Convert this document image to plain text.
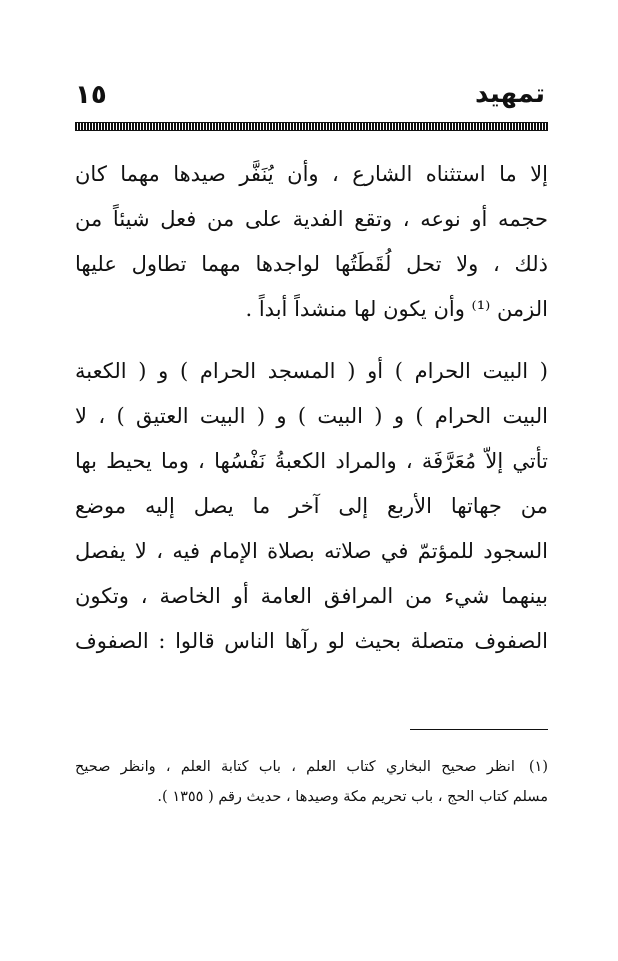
١٥	تمهيد

إلا ما استثناه الشارع ، وأن يُنَفَّر صيدها مهما كان
حجمه أو نوعه ، وتقع الفدية على من فعل شيئاً من
ذلك ، ولا تحل لُقَطَتُها لواجدها مهما تطاول عليها
الزمن ⁽¹⁾ وأن يكون لها منشداً أبداً .

( البيت الحرام ) أو ( المسجد الحرام ) و ( الكعبة
البيت الحرام ) و ( البيت ) و ( البيت العتيق ) ، لا
تأتي إلاّ مُعَرَّفَة ، والمراد الكعبةُ نَفْسُها ، وما يحيط بها
من جهاتها الأربع إلى آخر ما يصل إليه موضع
السجود للمؤتمّ في صلاته بصلاة الإمام فيه ، لا يفصل
بينهما شيء من المرافق العامة أو الخاصة ، وتكون
الصفوف متصلة بحيث لو رآها الناس قالوا : الصفوف

(١)انظر صحيح البخاري كتاب العلم ، باب كتابة العلم ، وانظر صحيح
مسلم كتاب الحج ، باب تحريم مكة وصيدها ، حديث رقم ( ١٣٥٥ ).
